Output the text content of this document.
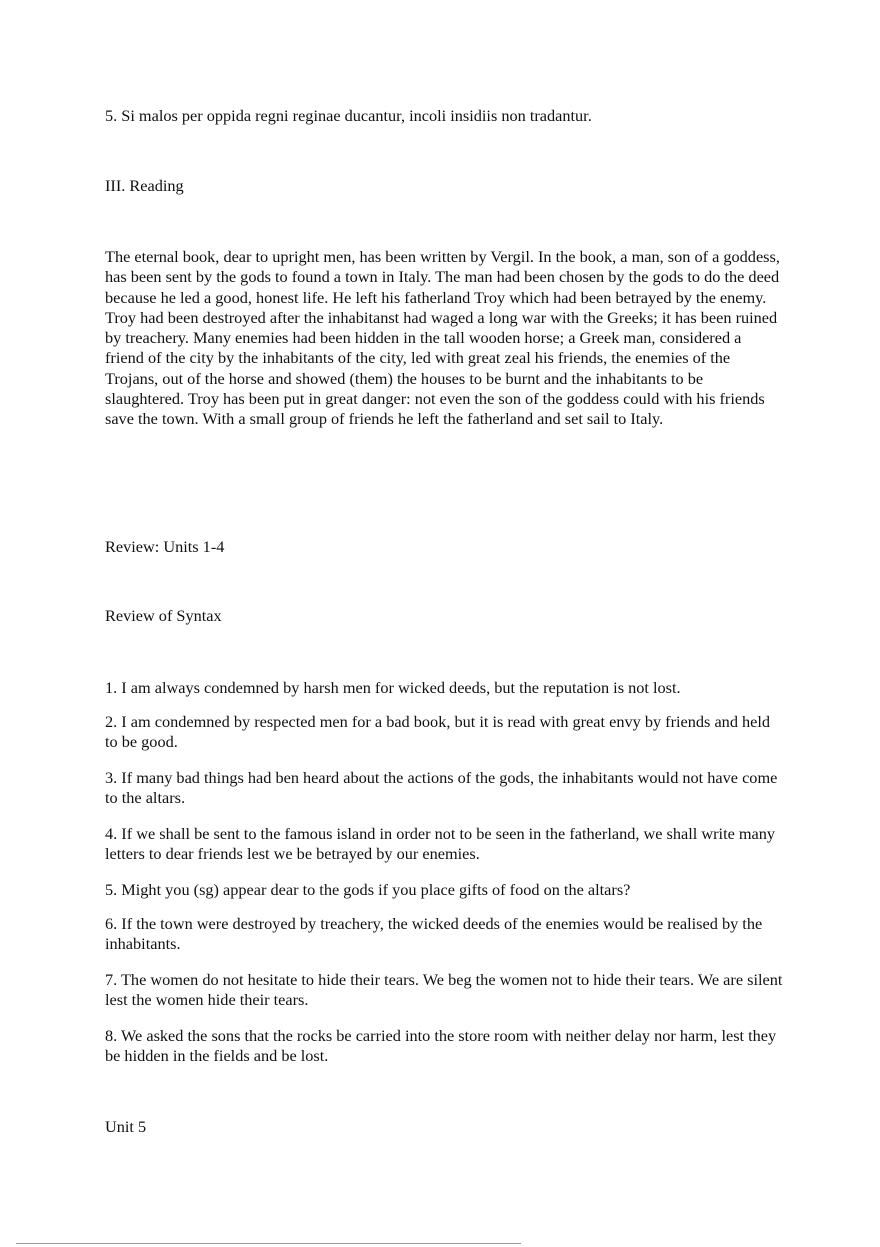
5. Si malos per oppida regni reginae ducantur, incoli insidiis non tradantur.

III. Reading

The eternal book, dear to upright men, has been written by Vergil. In the book, a man, son of a goddess, has been sent by the gods to found a town in Italy. The man had been chosen by the gods to do the deed because he led a good, honest life. He left his fatherland Troy which had been betrayed by the enemy. Troy had been destroyed after the inhabitanst had waged a long war with the Greeks; it has been ruined by treachery. Many enemies had been hidden in the tall wooden horse; a Greek man, considered a friend of the city by the inhabitants of the city, led with great zeal his friends, the enemies of the Trojans, out of the horse and showed (them) the houses to be burnt and the inhabitants to be slaughtered. Troy has been put in great danger: not even the son of the goddess could with his friends save the town. With a small group of friends he left the fatherland and set sail to Italy.

Review: Units 1-4

Review of Syntax

1. I am always condemned by harsh men for wicked deeds, but the reputation is not lost.

2. I am condemned by respected men for a bad book, but it is read with great envy by friends and held to be good.

3. If many bad things had ben heard about the actions of the gods, the inhabitants would not have come to the altars.

4. If we shall be sent to the famous island in order not to be seen in the fatherland, we shall write many letters to dear friends lest we be betrayed by our enemies.

5. Might you (sg) appear dear to the gods if you place gifts of food on the altars?

6. If the town were destroyed by treachery, the wicked deeds of the enemies would be realised by the inhabitants.

7. The women do not hesitate to hide their tears. We beg the women not to hide their tears. We are silent lest the women hide their tears.

8. We asked the sons that the rocks be carried into the store room with neither delay nor harm, lest they be hidden in the fields and be lost.

Unit 5
